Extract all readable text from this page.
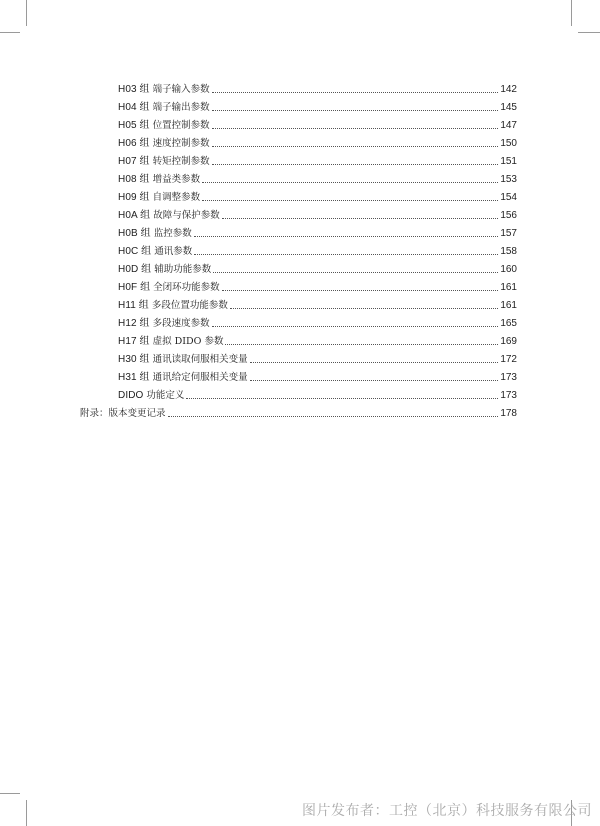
H03 组 端子输入参数	142
H04 组 端子输出参数	145
H05 组 位置控制参数	147
H06 组 速度控制参数	150
H07 组 转矩控制参数	151
H08 组 增益类参数	153
H09 组 自调整参数	154
H0A 组 故障与保护参数	156
H0B 组 监控参数	157
H0C 组 通讯参数	158
H0D 组 辅助功能参数	160
H0F 组 全闭环功能参数	161
H11 组 多段位置功能参数	161
H12 组 多段速度参数	165
H17 组 虚拟 DIDO 参数	169
H30 组 通讯读取伺服相关变量	172
H31 组 通讯给定伺服相关变量	173
DIDO 功能定义	173
附录：版本变更记录	178
图片发布者：工控（北京）科技服务有限公司
